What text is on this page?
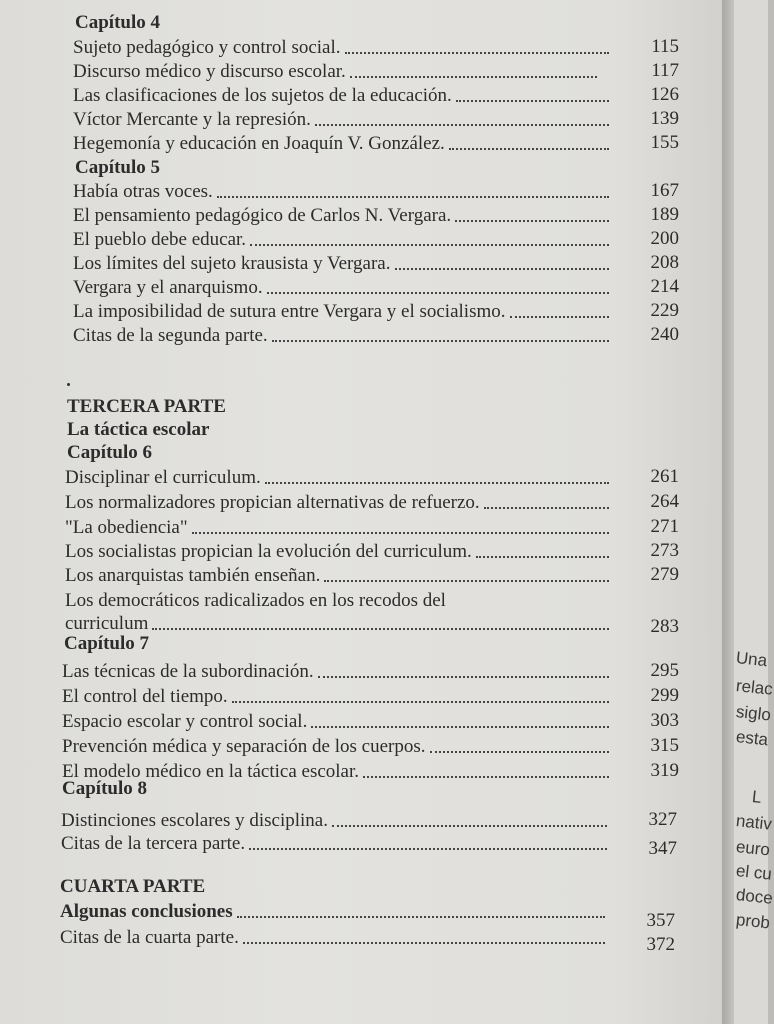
Capítulo 4
Sujeto pedagógico y control social.	115
Discurso médico y discurso escolar.	117
Las clasificaciones de los sujetos de la educación.	126
Víctor Mercante y la represión.	139
Hegemonía y educación en Joaquín V. González.	155
Capítulo 5
Había otras voces.	167
El pensamiento pedagógico de Carlos N. Vergara.	189
El pueblo debe educar.	200
Los límites del sujeto krausista y Vergara.	208
Vergara y el anarquismo.	214
La imposibilidad de sutura entre Vergara y el socialismo.	229
Citas de la segunda parte.	240
TERCERA PARTE
La táctica escolar
Capítulo 6
Disciplinar el curriculum.	261
Los normalizadores propician alternativas de refuerzo.	264
"La obediencia"	271
Los socialistas propician la evolución del curriculum.	273
Los anarquistas también enseñan.	279
Los democráticos radicalizados en los recodos del
curriculum	283
Capítulo 7
Las técnicas de la subordinación.	295
El control del tiempo.	299
Espacio escolar y control social.	303
Prevención médica y separación de los cuerpos.	315
El modelo médico en la táctica escolar.	319
Capítulo 8
Distinciones escolares y disciplina.	327
Citas de la tercera parte.	347
CUARTA PARTE
Algunas conclusiones	357
Citas de la cuarta parte.	372
Una
relac
siglo
esta
L
nativ
euro
el cu
doce
prob
